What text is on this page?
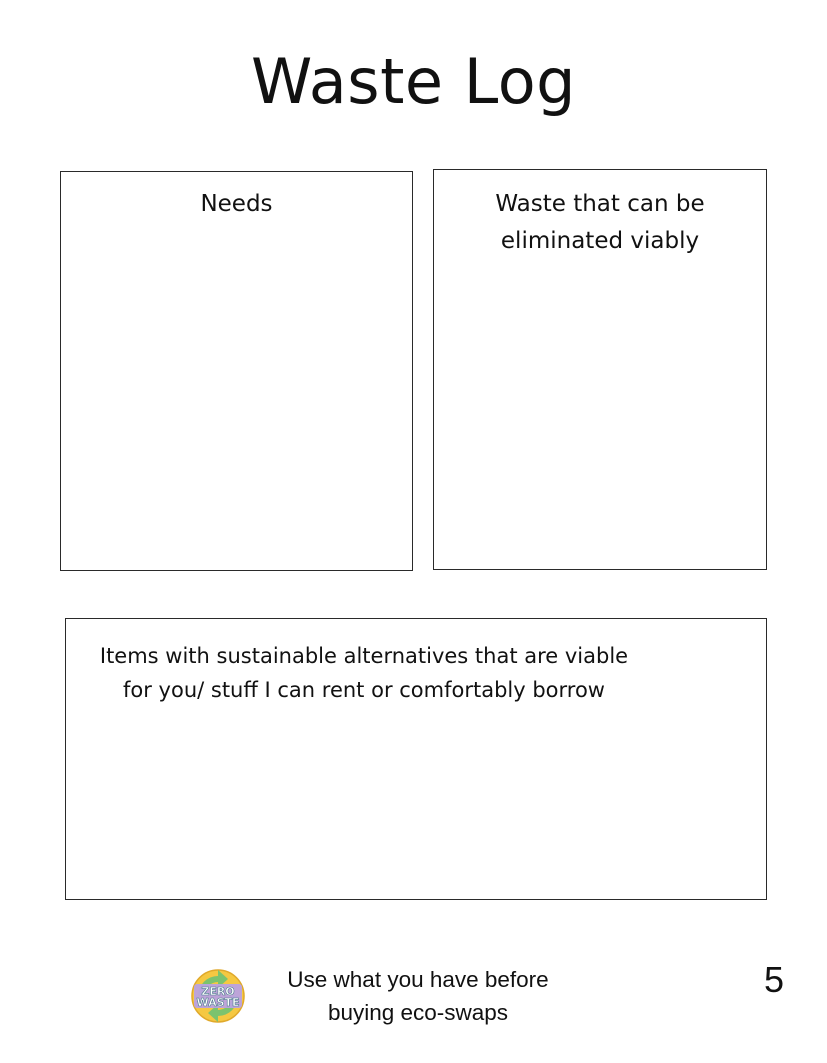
Waste Log
Needs	Waste that can be
eliminated viably
Items with sustainable alternatives that are viable
for you/ stuff I can rent or comfortably borrow
ZERO
WASTE
Use what you have before
buying eco-swaps
5
